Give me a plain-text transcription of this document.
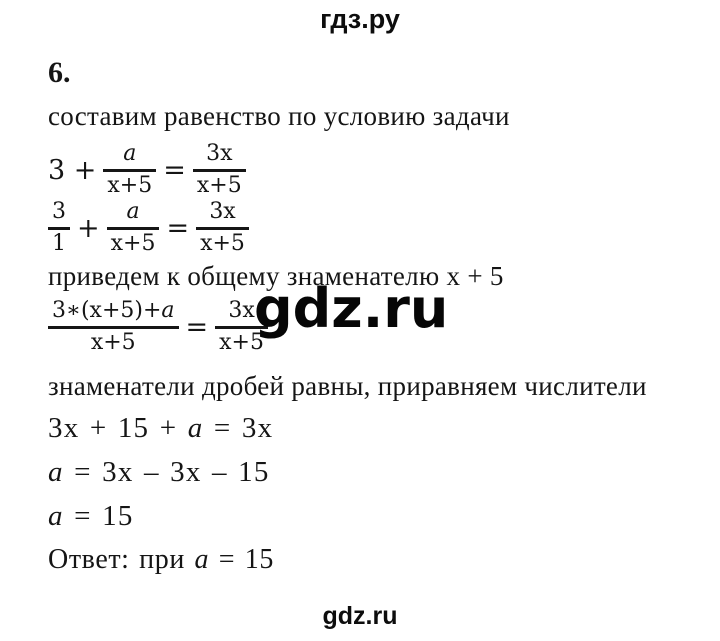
гдз.ру
6.
составим равенство по условию задачи
$3 + \frac{a}{x+5} = \frac{3x}{x+5}$
$\frac{3}{1} + \frac{a}{x+5} = \frac{3x}{x+5}$
приведем к общему знаменателю x + 5
$\frac{3∗(x+5)+a}{x+5} = \frac{3x}{x+5}$
gdz.ru
знаменатели дробей равны, приравняем числители
3x + 15 + a = 3x
a = 3x – 3x – 15
a = 15
Ответ: при a = 15
gdz.ru
